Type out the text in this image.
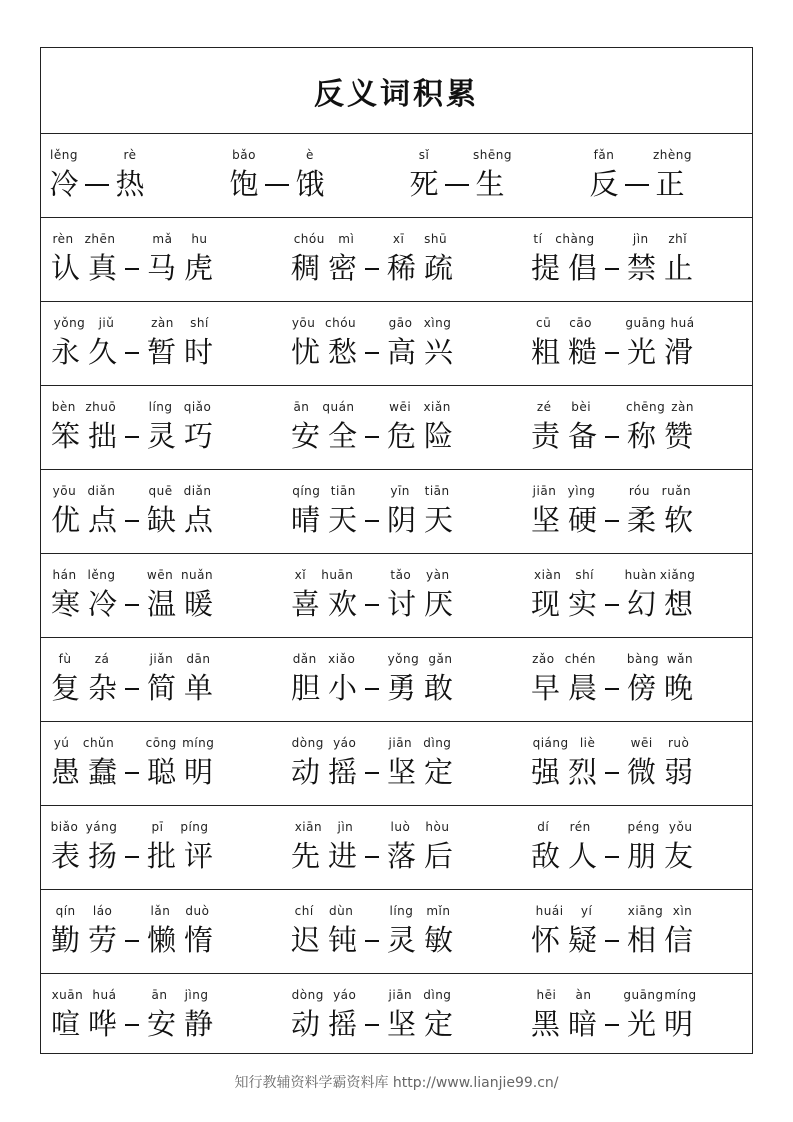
反义词积累
lěng
冷
rè
热
bǎo
饱
è
饿
sǐ
死
shēng
生
fǎn
反
zhèng
正
rèn zhēn
认 真
mǎ hu
马 虎
chóu mì
稠 密
xī shū
稀 疏
tí chàng
提 倡
jìn zhǐ
禁 止
yǒng jiǔ
永 久
zàn shí
暂 时
yōu chóu
忧 愁
gāo xìng
高 兴
cū cāo
粗 糙
guāng huá
光 滑
bèn zhuō
笨 拙
líng qiǎo
灵 巧
ān quán
安 全
wēi xiǎn
危 险
zé bèi
责 备
chēng zàn
称 赞
yōu diǎn
优 点
quē diǎn
缺 点
qíng tiān
晴 天
yīn tiān
阴 天
jiān yìng
坚 硬
róu ruǎn
柔 软
hán lěng
寒 冷
wēn nuǎn
温 暖
xǐ huān
喜 欢
tǎo yàn
讨 厌
xiàn shí
现 实
huàn xiǎng
幻 想
fù zá
复 杂
jiǎn dān
简 单
dǎn xiǎo
胆 小
yǒng gǎn
勇 敢
zǎo chén
早 晨
bàng wǎn
傍 晚
yú chǔn
愚 蠢
cōng míng
聪 明
dòng yáo
动 摇
jiān dìng
坚 定
qiáng liè
强 烈
wēi ruò
微 弱
biǎo yáng
表 扬
pī píng
批 评
xiān jìn
先 进
luò hòu
落 后
dí rén
敌 人
péng yǒu
朋 友
qín láo
勤 劳
lǎn duò
懒 惰
chí dùn
迟 钝
líng mǐn
灵 敏
huái yí
怀 疑
xiāng xìn
相 信
xuān huá
喧 哗
ān jìng
安 静
dòng yáo
动 摇
jiān dìng
坚 定
hēi àn
黑 暗
guāng míng
光 明
知行教辅资料学霸资料库 http://www.lianjie99.cn/
